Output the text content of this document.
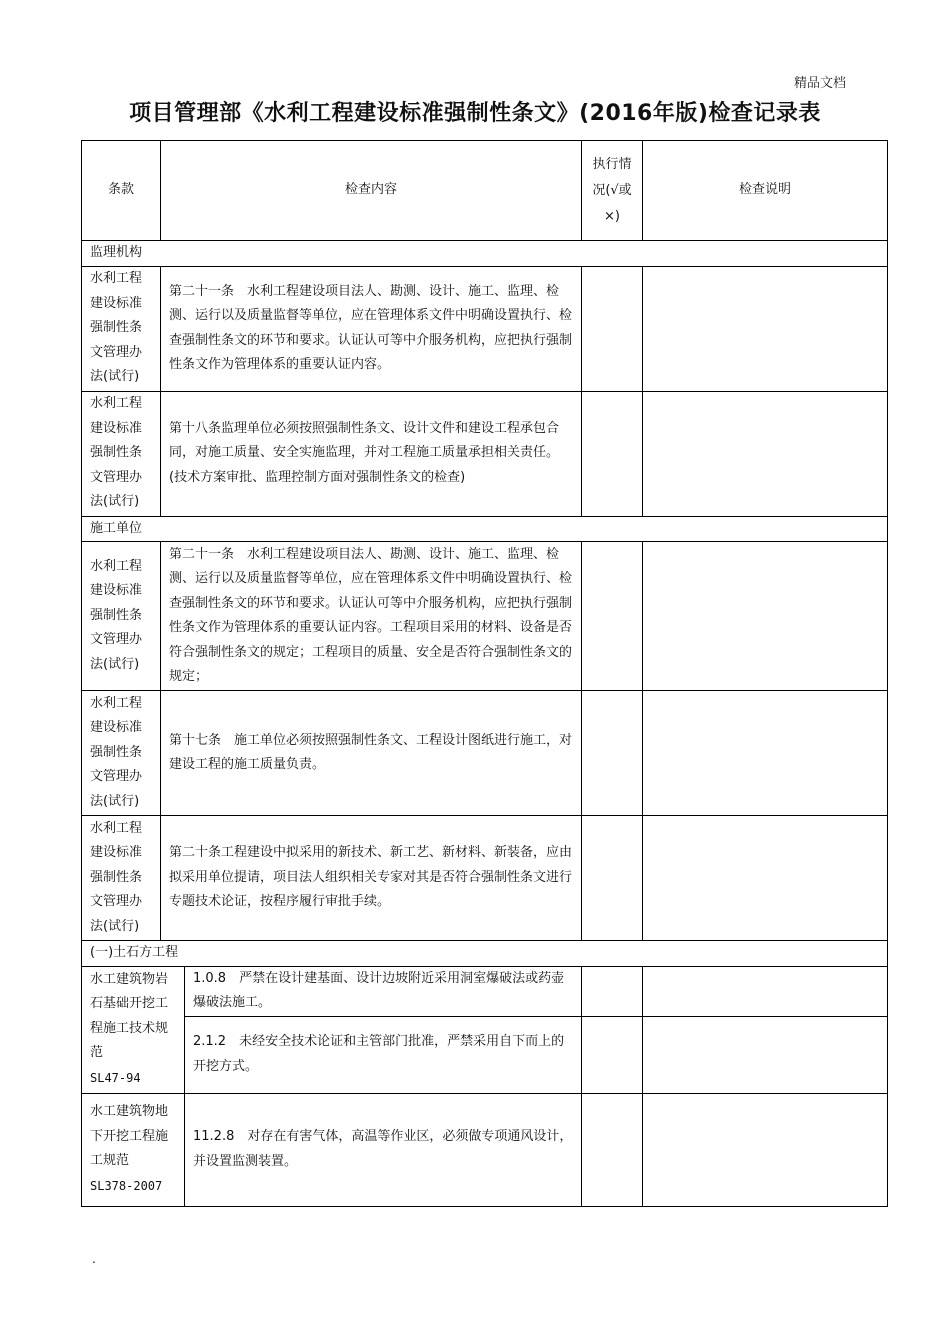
精品文档
项目管理部《水利工程建设标准强制性条文》(2016年版)检查记录表
条款	检查内容		执行情况(√或×)	检查说明
监理机构				
水利工程建设标准强制性条文管理办法(试行)	第二十一条　水利工程建设项目法人、勘测、设计、施工、监理、检测、运行以及质量监督等单位，应在管理体系文件中明确设置执行、检查强制性条文的环节和要求。认证认可等中介服务机构，应把执行强制性条文作为管理体系的重要认证内容。			
水利工程建设标准强制性条文管理办法(试行)	第十八条监理单位必须按照强制性条文、设计文件和建设工程承包合同，对施工质量、安全实施监理，并对工程施工质量承担相关责任。(技术方案审批、监理控制方面对强制性条文的检查)			
施工单位				
水利工程建设标准强制性条文管理办法(试行)	第二十一条　水利工程建设项目法人、勘测、设计、施工、监理、检测、运行以及质量监督等单位，应在管理体系文件中明确设置执行、检查强制性条文的环节和要求。认证认可等中介服务机构，应把执行强制性条文作为管理体系的重要认证内容。工程项目采用的材料、设备是否符合强制性条文的规定；工程项目的质量、安全是否符合强制性条文的规定；			
水利工程建设标准强制性条文管理办法(试行)	第十七条　施工单位必须按照强制性条文、工程设计图纸进行施工，对建设工程的施工质量负责。			
水利工程建设标准强制性条文管理办法(试行)	第二十条工程建设中拟采用的新技术、新工艺、新材料、新装备，应由拟采用单位提请，项目法人组织相关专家对其是否符合强制性条文进行专题技术论证，按程序履行审批手续。			
(一)土石方工程				
水工建筑物岩石基础开挖工程施工技术规范
SL47-94		1.0.8　严禁在设计建基面、设计边坡附近采用洞室爆破法或药壶爆破法施工。		
		2.1.2　未经安全技术论证和主管部门批准，严禁采用自下而上的开挖方式。		
水工建筑物地下开挖工程施工规范
SL378-2007		11.2.8　对存在有害气体，高温等作业区，必须做专项通风设计，并设置监测装置。		
.
